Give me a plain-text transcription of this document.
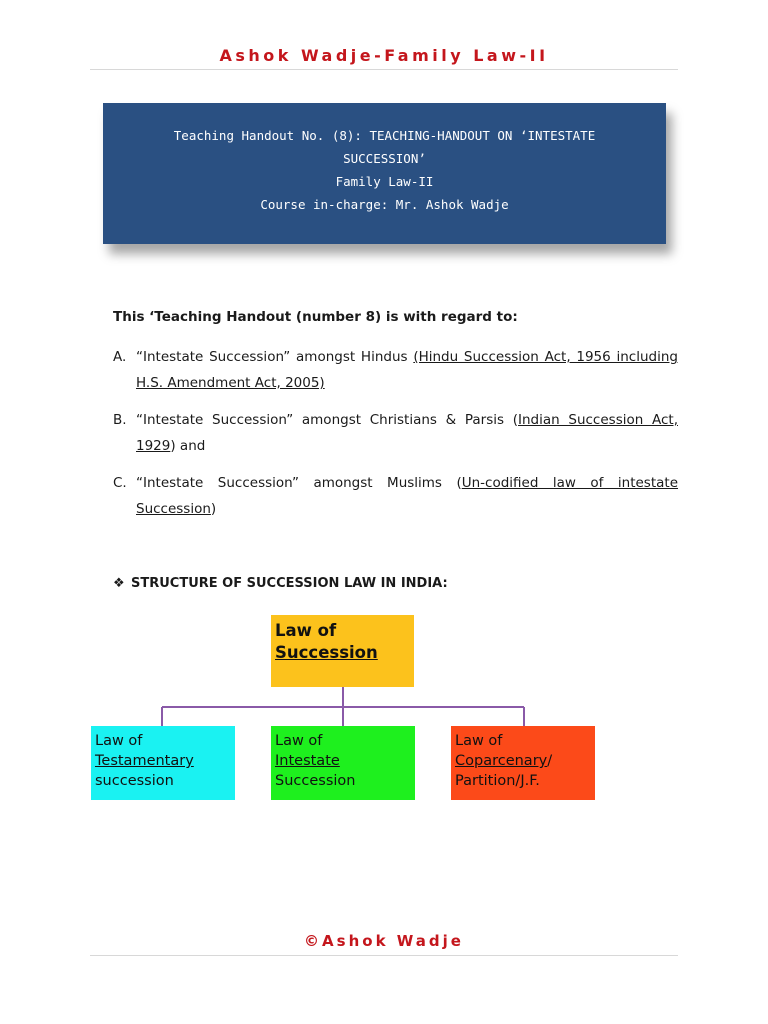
Ashok Wadje-Family Law-II
Teaching Handout No. (8): TEACHING-HANDOUT ON ‘INTESTATE SUCCESSION’
Family Law-II
Course in-charge: Mr. Ashok Wadje
This ‘Teaching Handout (number 8) is with regard to:
A. “Intestate Succession” amongst Hindus (Hindu Succession Act, 1956 including H.S. Amendment Act, 2005)
B. “Intestate Succession” amongst Christians & Parsis (Indian Succession Act, 1929) and
C. “Intestate Succession” amongst Muslims (Un-codified law of intestate Succession)
❖ STRUCTURE OF SUCCESSION LAW IN INDIA:
Law of
Succession
Law of
Testamentary
succession
Law of
Intestate
Succession
Law of
Coparcenary/
Partition/J.F.
©Ashok Wadje
